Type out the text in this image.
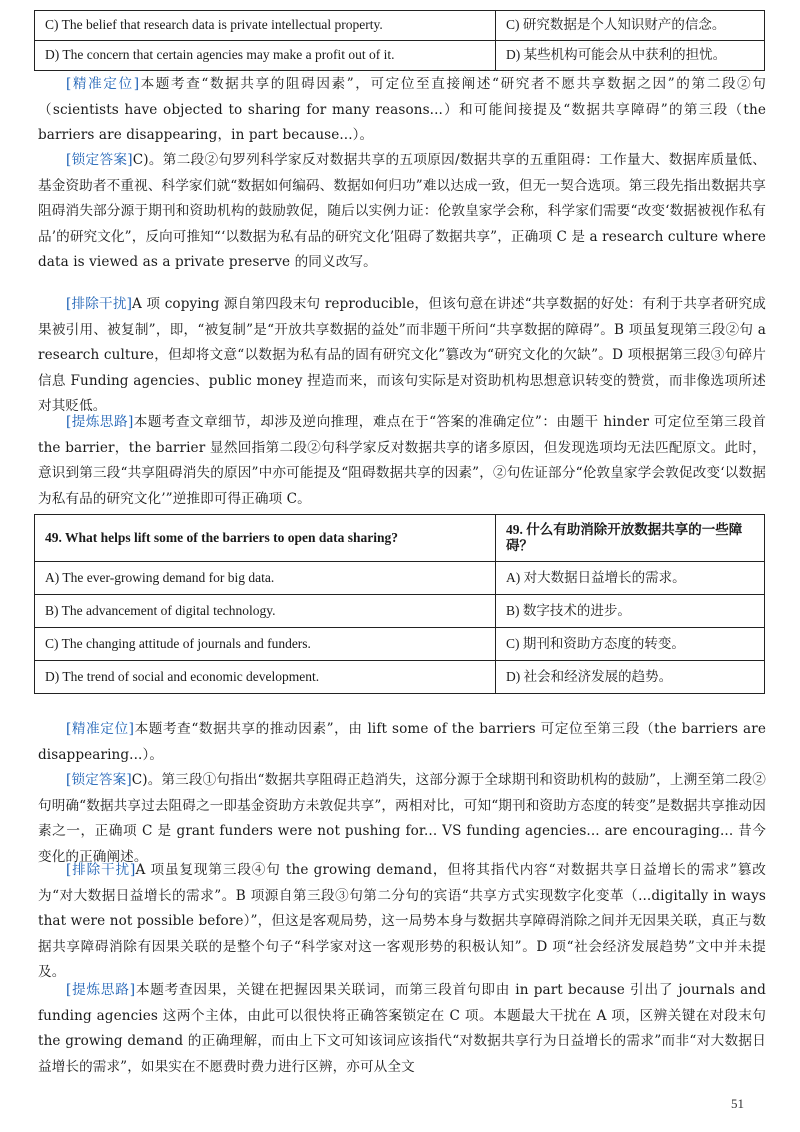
C) The belief that research data is private intellectual property.	C) 研究数据是个人知识财产的信念。
D) The concern that certain agencies may make a profit out of it.	D) 某些机构可能会从中获利的担忧。

[精准定位]本题考查“数据共享的阻碍因素”，可定位至直接阐述“研究者不愿共享数据之因”的第二段②句（scientists have objected to sharing for many reasons...）和可能间接提及“数据共享障碍”的第三段（the barriers are disappearing，in part because...）。

[锁定答案]C)。第二段②句罗列科学家反对数据共享的五项原因/数据共享的五重阻碍：工作量大、数据库质量低、基金资助者不重视、科学家们就“数据如何编码、数据如何归功”难以达成一致，但无一契合选项。第三段先指出数据共享阻碍消失部分源于期刊和资助机构的鼓励敦促，随后以实例力证：伦敦皇家学会称，科学家们需要“改变‘数据被视作私有品’的研究文化”，反向可推知“‘以数据为私有品的研究文化’阻碍了数据共享”，正确项 C 是 a research culture where data is viewed as a private preserve 的同义改写。

[排除干扰]A 项 copying 源自第四段末句 reproducible，但该句意在讲述“共享数据的好处：有利于共享者研究成果被引用、被复制”，即，“被复制”是“开放共享数据的益处”而非题干所问“共享数据的障碍”。B 项虽复现第三段②句 a research culture，但却将文意“以数据为私有品的固有研究文化”篡改为“研究文化的欠缺”。D 项根据第三段③句碎片信息 Funding agencies、public money 捏造而来，而该句实际是对资助机构思想意识转变的赞赏，而非像选项所述对其贬低。

[提炼思路]本题考查文章细节，却涉及逆向推理，难点在于“答案的准确定位”：由题干 hinder 可定位至第三段首 the barrier，the barrier 显然回指第二段②句科学家反对数据共享的诸多原因，但发现选项均无法匹配原文。此时，意识到第三段“共享阻碍消失的原因”中亦可能提及“阻碍数据共享的因素”，②句佐证部分“伦敦皇家学会敦促改变‘以数据为私有品的研究文化’”逆推即可得正确项 C。

49. What helps lift some of the barriers to open data sharing?	49. 什么有助消除开放数据共享的一些障碍？
A) The ever-growing demand for big data.	A) 对大数据日益增长的需求。
B) The advancement of digital technology.	B) 数字技术的进步。
C) The changing attitude of journals and funders.	C) 期刊和资助方态度的转变。
D) The trend of social and economic development.	D) 社会和经济发展的趋势。

[精准定位]本题考查“数据共享的推动因素”，由 lift some of the barriers 可定位至第三段（the barriers are disappearing...）。

[锁定答案]C)。第三段①句指出“数据共享阻碍正趋消失，这部分源于全球期刊和资助机构的鼓励”，上溯至第二段②句明确“数据共享过去阻碍之一即基金资助方未敦促共享”，两相对比，可知“期刊和资助方态度的转变”是数据共享推动因素之一，正确项 C 是 grant funders were not pushing for... VS funding agencies... are encouraging... 昔今变化的正确阐述。

[排除干扰]A 项虽复现第三段④句 the growing demand，但将其指代内容“对数据共享日益增长的需求”篡改为“对大数据日益增长的需求”。B 项源自第三段③句第二分句的宾语“共享方式实现数字化变革（...digitally in ways that were not possible before）”，但这是客观局势，这一局势本身与数据共享障碍消除之间并无因果关联，真正与数据共享障碍消除有因果关联的是整个句子“科学家对这一客观形势的积极认知”。D 项“社会经济发展趋势”文中并未提及。

[提炼思路]本题考查因果，关键在把握因果关联词，而第三段首句即由 in part because 引出了 journals and funding agencies 这两个主体，由此可以很快将正确答案锁定在 C 项。本题最大干扰在 A 项，区辨关键在对段末句 the growing demand 的正确理解，而由上下文可知该词应该指代“对数据共享行为日益增长的需求”而非“对大数据日益增长的需求”，如果实在不愿费时费力进行区辨，亦可从全文

51
